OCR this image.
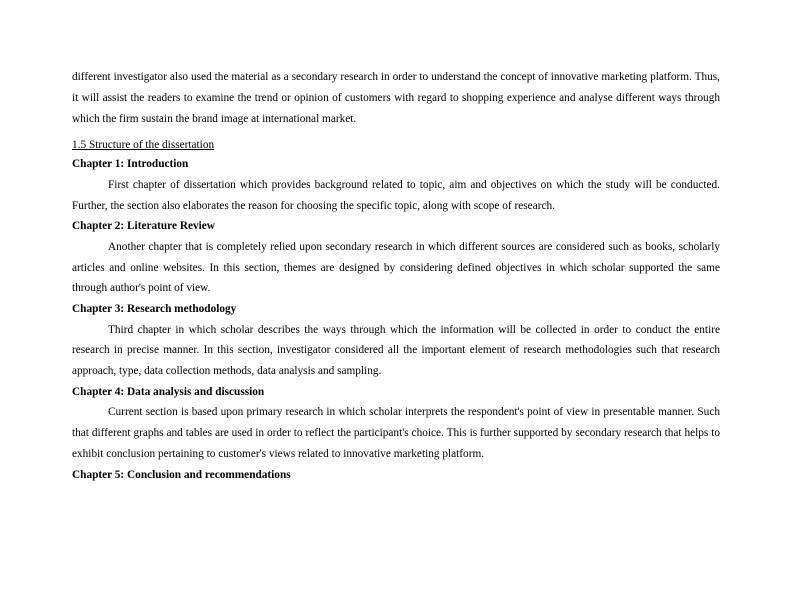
different investigator also used the material as a secondary research in order to understand the concept of innovative marketing platform. Thus, it will assist the readers to examine the trend or opinion of customers with regard to shopping experience and analyse different ways through which the firm sustain the brand image at international market.

1.5 Structure of the dissertation

Chapter 1: Introduction

First chapter of dissertation which provides background related to topic, aim and objectives on which the study will be conducted. Further, the section also elaborates the reason for choosing the specific topic, along with scope of research.

Chapter 2: Literature Review

Another chapter that is completely relied upon secondary research in which different sources are considered such as books, scholarly articles and online websites. In this section, themes are designed by considering defined objectives in which scholar supported the same through author's point of view.

Chapter 3: Research methodology

Third chapter in which scholar describes the ways through which the information will be collected in order to conduct the entire research in precise manner. In this section, investigator considered all the important element of research methodologies such that research approach, type, data collection methods, data analysis and sampling.

Chapter 4: Data analysis and discussion

Current section is based upon primary research in which scholar interprets the respondent's point of view in presentable manner. Such that different graphs and tables are used in order to reflect the participant's choice. This is further supported by secondary research that helps to exhibit conclusion pertaining to customer's views related to innovative marketing platform.

Chapter 5: Conclusion and recommendations
